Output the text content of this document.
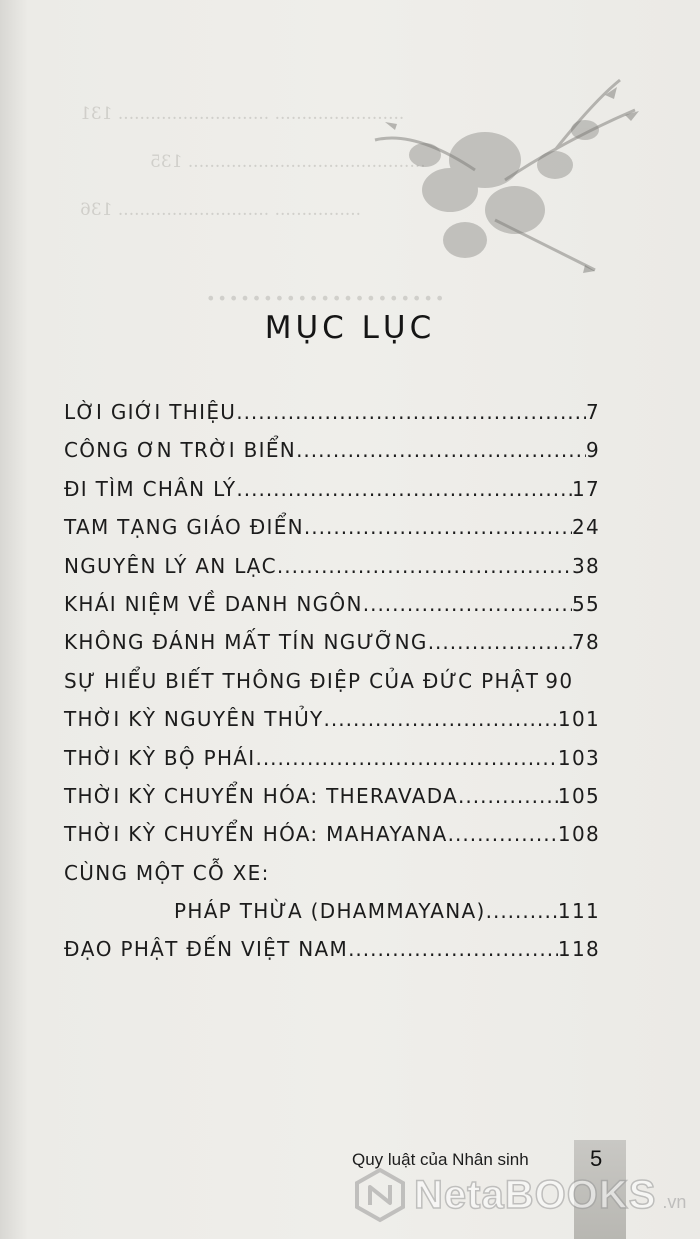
........................ ............................ 131
............................................ 135
................ ............................ 136
.....................
MỤC LỤC
LỜI GIỚI THIỆU .....	7
CÔNG ƠN TRỜI BIỂN .....	9
ĐI TÌM CHÂN LÝ .....	17
TAM TẠNG GIÁO ĐIỂN .....	24
NGUYÊN LÝ AN LẠC .....	38
KHÁI NIỆM VỀ DANH NGÔN .....	55
KHÔNG ĐÁNH MẤT TÍN NGƯỠNG .....	78
SỰ HIỂU BIẾT THÔNG ĐIỆP CỦA ĐỨC PHẬT 90
THỜI KỲ NGUYÊN THỦY .....	101
THỜI KỲ BỘ PHÁI .....	103
THỜI KỲ CHUYỂN HÓA: THERAVADA .....	105
THỜI KỲ CHUYỂN HÓA: MAHAYANA .....	108
CÙNG MỘT CỖ XE:
PHÁP THỪA (DHAMMAYANA) .....	111
ĐẠO PHẬT ĐẾN VIỆT NAM .....	118
Quy luật của Nhân sinh	5
NetaBOOKS .vn
